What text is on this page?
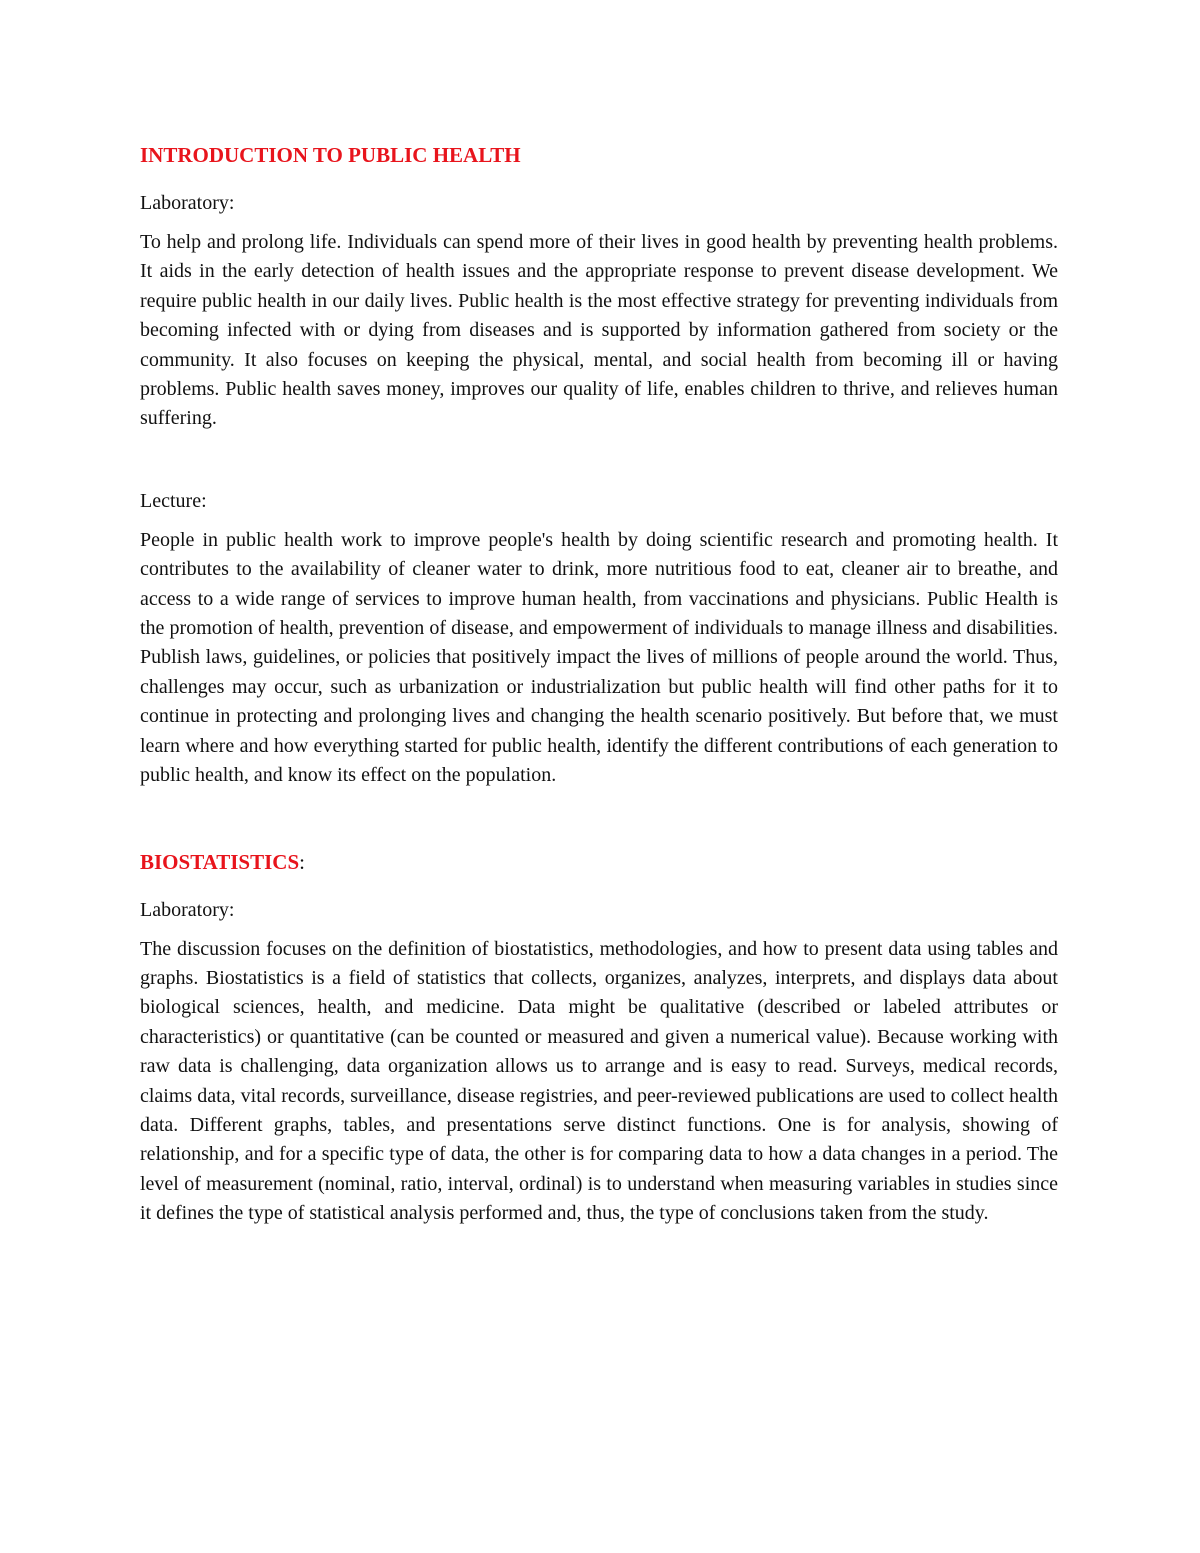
INTRODUCTION TO PUBLIC HEALTH
Laboratory:

To help and prolong life. Individuals can spend more of their lives in good health by preventing health problems. It aids in the early detection of health issues and the appropriate response to prevent disease development. We require public health in our daily lives. Public health is the most effective strategy for preventing individuals from becoming infected with or dying from diseases and is supported by information gathered from society or the community. It also focuses on keeping the physical, mental, and social health from becoming ill or having problems. Public health saves money, improves our quality of life, enables children to thrive, and relieves human suffering.

Lecture:

People in public health work to improve people's health by doing scientific research and promoting health. It contributes to the availability of cleaner water to drink, more nutritious food to eat, cleaner air to breathe, and access to a wide range of services to improve human health, from vaccinations and physicians. Public Health is the promotion of health, prevention of disease, and empowerment of individuals to manage illness and disabilities. Publish laws, guidelines, or policies that positively impact the lives of millions of people around the world. Thus, challenges may occur, such as urbanization or industrialization but public health will find other paths for it to continue in protecting and prolonging lives and changing the health scenario positively. But before that, we must learn where and how everything started for public health, identify the different contributions of each generation to public health, and know its effect on the population.

BIOSTATISTICS:
Laboratory:

The discussion focuses on the definition of biostatistics, methodologies, and how to present data using tables and graphs. Biostatistics is a field of statistics that collects, organizes, analyzes, interprets, and displays data about biological sciences, health, and medicine. Data might be qualitative (described or labeled attributes or characteristics) or quantitative (can be counted or measured and given a numerical value). Because working with raw data is challenging, data organization allows us to arrange and is easy to read. Surveys, medical records, claims data, vital records, surveillance, disease registries, and peer-reviewed publications are used to collect health data. Different graphs, tables, and presentations serve distinct functions. One is for analysis, showing of relationship, and for a specific type of data, the other is for comparing data to how a data changes in a period. The level of measurement (nominal, ratio, interval, ordinal) is to understand when measuring variables in studies since it defines the type of statistical analysis performed and, thus, the type of conclusions taken from the study.
